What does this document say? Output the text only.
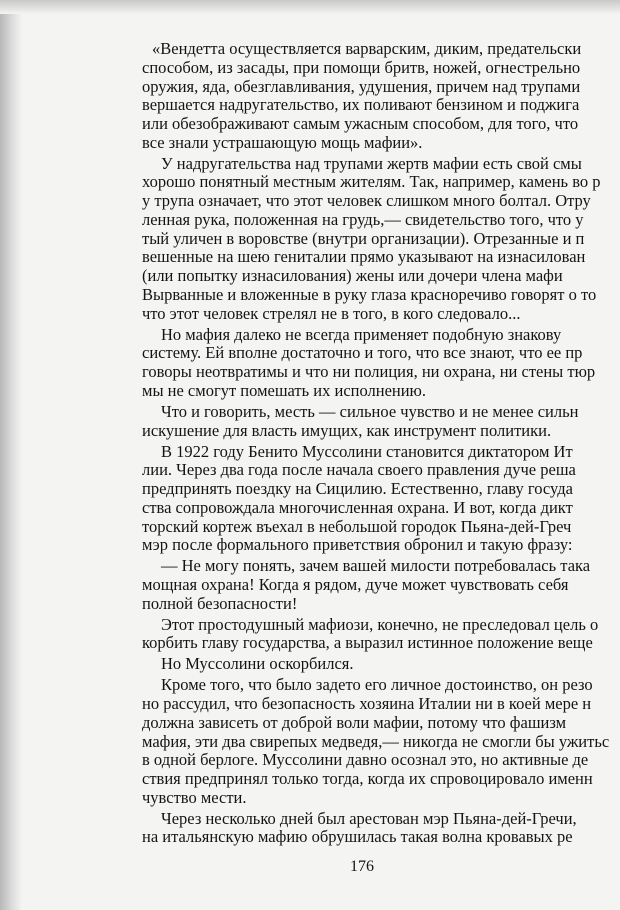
«Вендетта осуществляется варварским, диким, предательски
способом, из засады, при помощи бритв, ножей, огнестрельно
оружия, яда, обезглавливания, удушения, причем над трупами
вершается надругательство, их поливают бензином и поджига
или обезображивают самым ужасным способом, для того, что
все знали устрашающую мощь мафии».
У надругательства над трупами жертв мафии есть свой смы
хорошо понятный местным жителям. Так, например, камень во р
у трупа означает, что этот человек слишком много болтал. Отру
ленная рука, положенная на грудь,— свидетельство того, что у
тый уличен в воровстве (внутри организации). Отрезанные и п
вешенные на шею гениталии прямо указывают на изнасилован
(или попытку изнасилования) жены или дочери члена мафи
Вырванные и вложенные в руку глаза красноречиво говорят о то
что этот человек стрелял не в того, в кого следовало...
Но мафия далеко не всегда применяет подобную знакову
систему. Ей вполне достаточно и того, что все знают, что ее пр
говоры неотвратимы и что ни полиция, ни охрана, ни стены тюр
мы не смогут помешать их исполнению.
Что и говорить, месть — сильное чувство и не менее сильн
искушение для власть имущих, как инструмент политики.
В 1922 году Бенито Муссолини становится диктатором Ит
лии. Через два года после начала своего правления дуче реша
предпринять поездку на Сицилию. Естественно, главу госуда
ства сопровождала многочисленная охрана. И вот, когда дикт
торский кортеж въехал в небольшой городок Пьяна-дей-Греч
мэр после формального приветствия обронил и такую фразу:
— Не могу понять, зачем вашей милости потребовалась така
мощная охрана! Когда я рядом, дуче может чувствовать себя
полной безопасности!
Этот простодушный мафиози, конечно, не преследовал цель о
корбить главу государства, а выразил истинное положение веще
Но Муссолини оскорбился.
Кроме того, что было задето его личное достоинство, он резо
но рассудил, что безопасность хозяина Италии ни в коей мере н
должна зависеть от доброй воли мафии, потому что фашизм
мафия, эти два свирепых медведя,— никогда не смогли бы ужитьс
в одной берлоге. Муссолини давно осознал это, но активные де
ствия предпринял только тогда, когда их спровоцировало именн
чувство мести.
Через несколько дней был арестован мэр Пьяна-дей-Гречи,
на итальянскую мафию обрушилась такая волна кровавых ре
176
